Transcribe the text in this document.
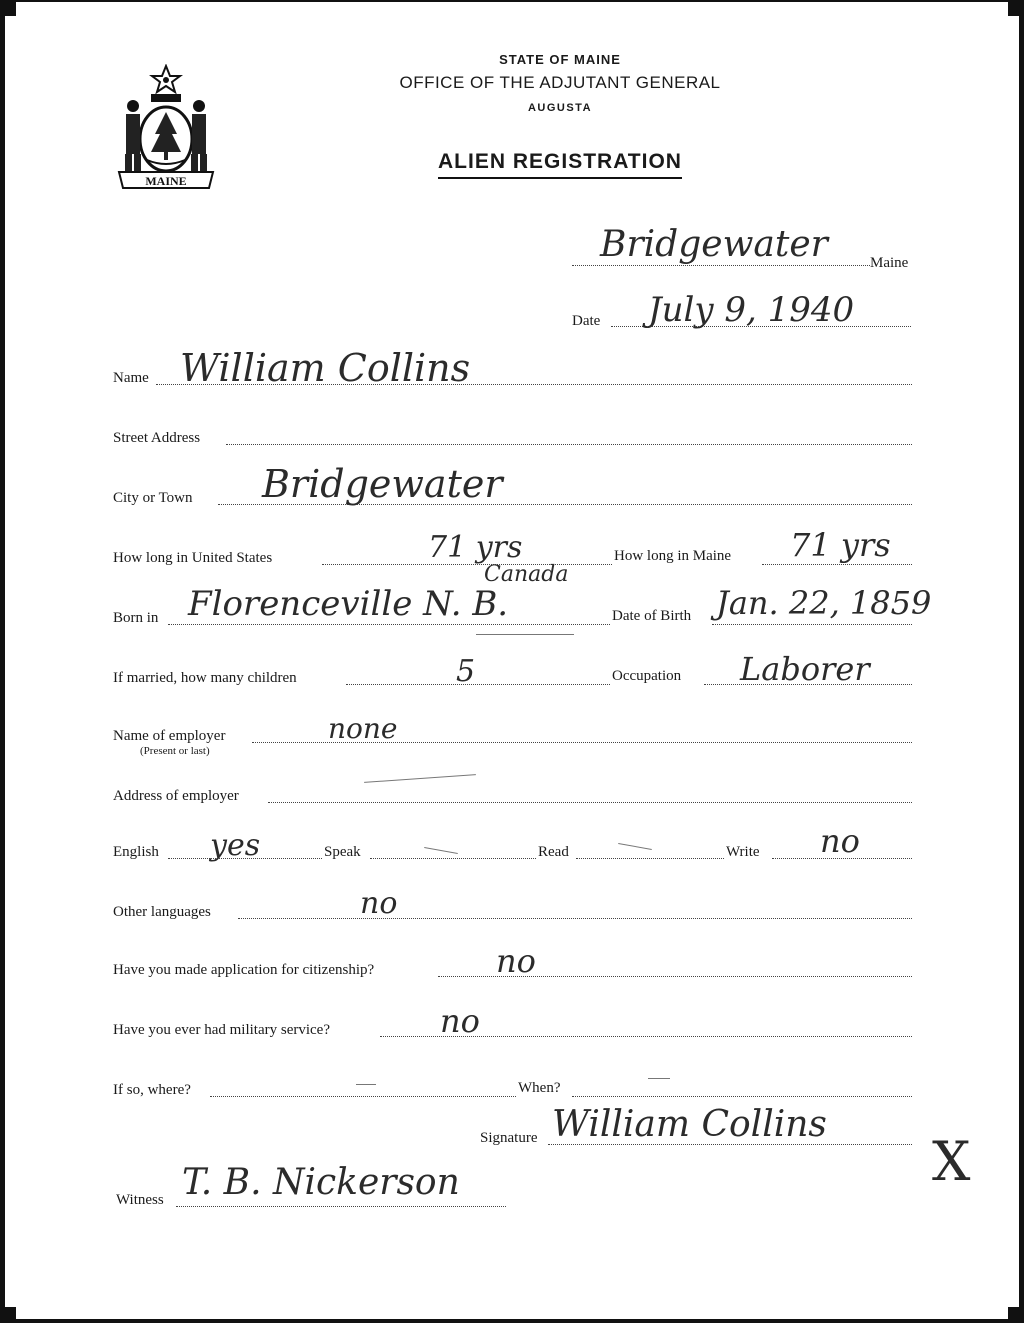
MAINE
STATE OF MAINE
OFFICE OF THE ADJUTANT GENERAL
AUGUSTA
ALIEN REGISTRATION
Bridgewater	Maine
Date July 9, 1940
Name William Collins
Street Address
City or Town Bridgewater
How long in United States	71 yrs	How long in Maine 71 yrs
Canada
Born in Florenceville N. B.	Date of Birth Jan. 22, 1859
If married, how many children	5	Occupation Laborer
Name of employer
(Present or last)
none
Address of employer
English yes	Speak	Read	Write no
Other languages	no
Have you made application for citizenship?	no
Have you ever had military service?	no
If so, where?	When?
Signature William Collins
X
Witness T. B. Nickerson
